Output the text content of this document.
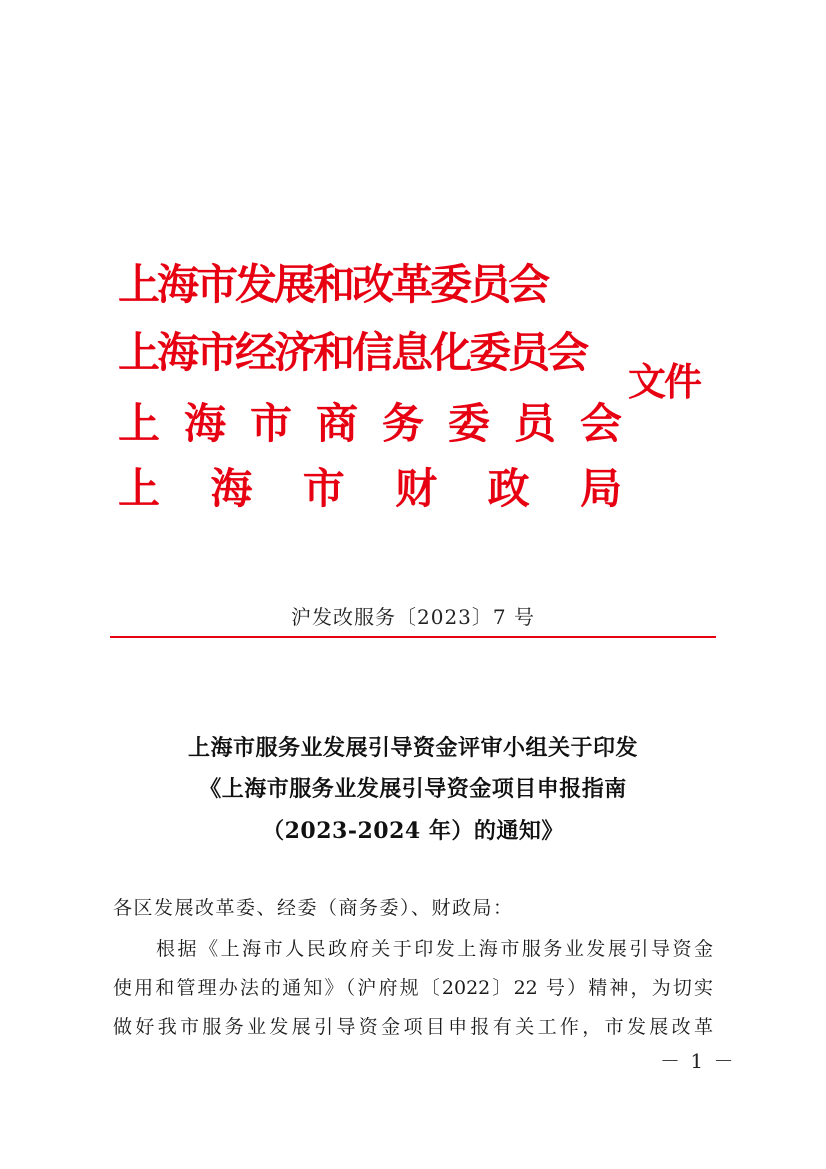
上 海 市 发 展 和 改 革 委 员 会
上 海 市 经 济 和 信 息 化 委 员 会
上 海 市 商 务 委 员 会
上 海 市 财 政 局
文件
沪发改服务〔2023〕7 号
上海市服务业发展引导资金评审小组关于印发
《上海市服务业发展引导资金项目申报指南
（2023-2024 年）的通知》
各区发展改革委、经委（商务委）、财政局：
　　根据《上海市人民政府关于印发上海市服务业发展引导资金
使用和管理办法的通知》（沪府规〔2022〕22 号）精神，为切实
做好我市服务业发展引导资金项目申报有关工作，市发展改革
－ 1 －
